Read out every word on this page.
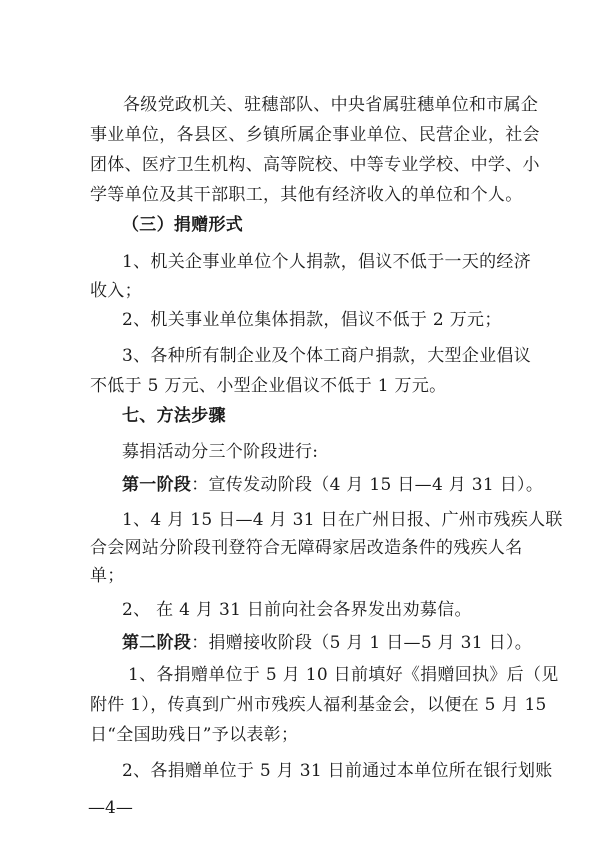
各级党政机关、驻穗部队、中央省属驻穗单位和市属企
事业单位，各县区、乡镇所属企事业单位、民营企业，社会
团体、医疗卫生机构、高等院校、中等专业学校、中学、小
学等单位及其干部职工，其他有经济收入的单位和个人。
（三）捐赠形式
1、机关企事业单位个人捐款，倡议不低于一天的经济
收入；
2、机关事业单位集体捐款，倡议不低于 2 万元；
3、各种所有制企业及个体工商户捐款，大型企业倡议
不低于 5 万元、小型企业倡议不低于 1 万元。
七、方法步骤
募捐活动分三个阶段进行:
第一阶段：宣传发动阶段（4 月 15 日—4 月 31 日）。
1、4 月 15 日—4 月 31 日在广州日报、广州市残疾人联
合会网站分阶段刊登符合无障碍家居改造条件的残疾人名
单；
2、 在 4 月 31 日前向社会各界发出劝募信。
第二阶段：捐赠接收阶段（5 月 1 日—5 月 31 日）。
1、各捐赠单位于 5 月 10 日前填好《捐赠回执》后（见
附件 1），传真到广州市残疾人福利基金会，以便在 5 月 15
日“全国助残日”予以表彰；
2、各捐赠单位于 5 月 31 日前通过本单位所在银行划账
—4—
